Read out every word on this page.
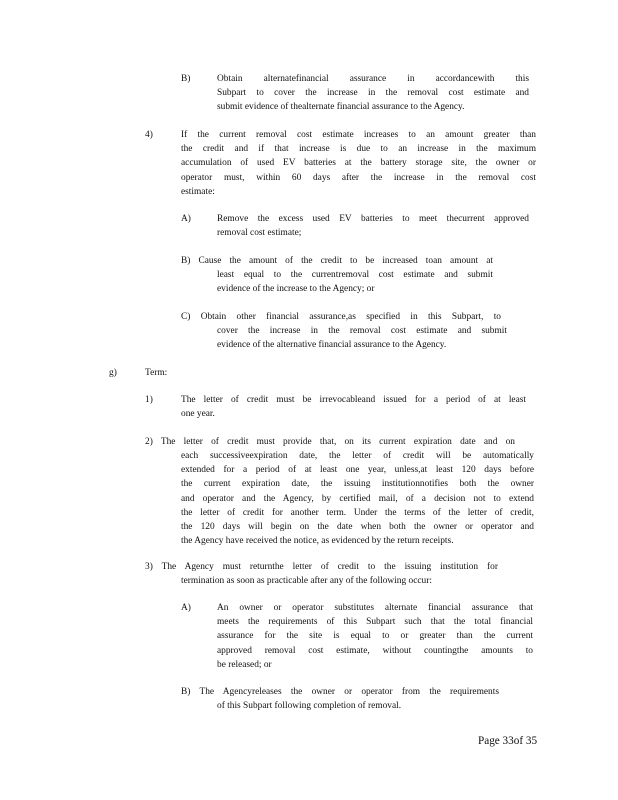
B)	Obtain alternatefinancial assurance in accordancewith this
Subpart to cover the increase in the removal cost estimate and
submit evidence of thealternate financial assurance to the Agency.
4)	If the current removal cost estimate increases to an amount greater than
the credit and if that increase is due to an increase in the maximum
accumulation of used EV batteries at the battery storage site, the owner or
operator must, within 60 days after the increase in the removal cost
estimate:
A)	Remove the excess used EV batteries to meet thecurrent approved
removal cost estimate;
B) Cause the amount of the credit to be increased toan amount at
least equal to the currentremoval cost estimate and submit
evidence of the increase to the Agency; or
C) Obtain other financial assurance,as specified in this Subpart, to
cover the increase in the removal cost estimate and submit
evidence of the alternative financial assurance to the Agency.
g)	Term:
1)	The letter of credit must be irrevocableand issued for a period of at least
one year.
2) The letter of credit must provide that, on its current expiration date and on
each successiveexpiration date, the letter of credit will be automatically
extended for a period of at least one year, unless,at least 120 days before
the current expiration date, the issuing institutionnotifies both the owner
and operator and the Agency, by certified mail, of a decision not to extend
the letter of credit for another term. Under the terms of the letter of credit,
the 120 days will begin on the date when both the owner or operator and
the Agency have received the notice, as evidenced by the return receipts.
3) The Agency must returnthe letter of credit to the issuing institution for
termination as soon as practicable after any of the following occur:
A)	An owner or operator substitutes alternate financial assurance that
meets the requirements of this Subpart such that the total financial
assurance for the site is equal to or greater than the current
approved removal cost estimate, without countingthe amounts to
be released; or
B) The Agencyreleases the owner or operator from the requirements
of this Subpart following completion of removal.
Page 33of 35
